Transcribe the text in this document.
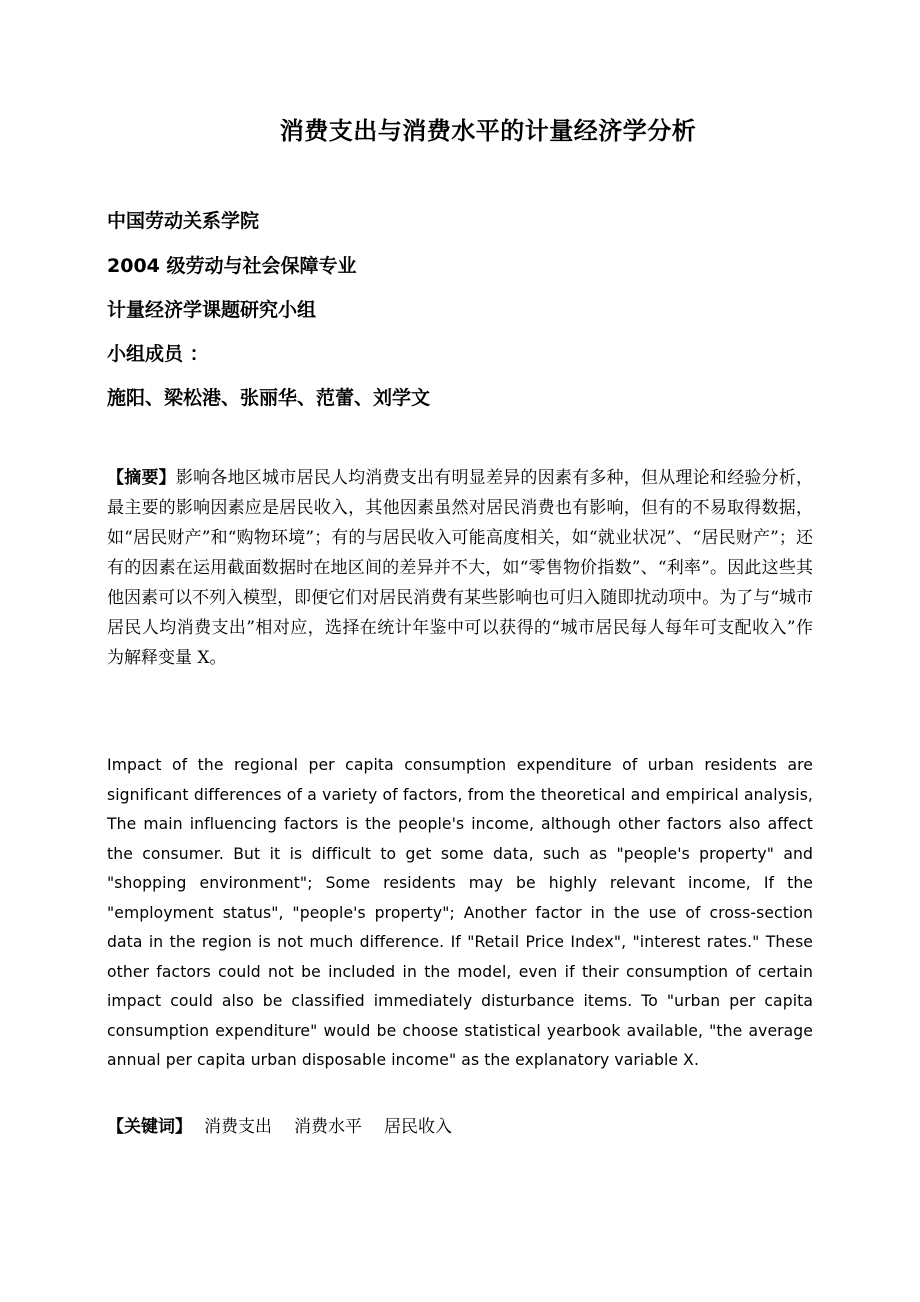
消费支出与消费水平的计量经济学分析
中国劳动关系学院
2004 级劳动与社会保障专业
计量经济学课题研究小组
小组成员 ：
施阳、梁松港、张丽华、范蕾、刘学文

【摘要】影响各地区城市居民人均消费支出有明显差异的因素有多种，但从理论和经验分析，最主要的影响因素应是居民收入，其他因素虽然对居民消费也有影响，但有的不易取得数据，如“居民财产”和“购物环境”；有的与居民收入可能高度相关，如“就业状况”、“居民财产”；还有的因素在运用截面数据时在地区间的差异并不大，如“零售物价指数”、“利率”。因此这些其他因素可以不列入模型，即便它们对居民消费有某些影响也可归入随即扰动项中。为了与“城市居民人均消费支出”相对应，选择在统计年鉴中可以获得的“城市居民每人每年可支配收入”作为解释变量 X。

Impact of the regional per capita consumption expenditure of urban residents are significant differences of a variety of factors, from the theoretical and empirical analysis, The main influencing factors is the people's income, although other factors also affect the consumer. But it is difficult to get some data, such as "people's property" and "shopping environment"; Some residents may be highly relevant income, If the "employment status", "people's property"; Another factor in the use of cross-section data in the region is not much difference. If "Retail Price Index", "interest rates." These other factors could not be included in the model, even if their consumption of certain impact could also be classified immediately disturbance items. To "urban per capita consumption expenditure" would be choose statistical yearbook available, "the average annual per capita urban disposable income" as the explanatory variable X.

【关键词】 消费支出 消费水平 居民收入
